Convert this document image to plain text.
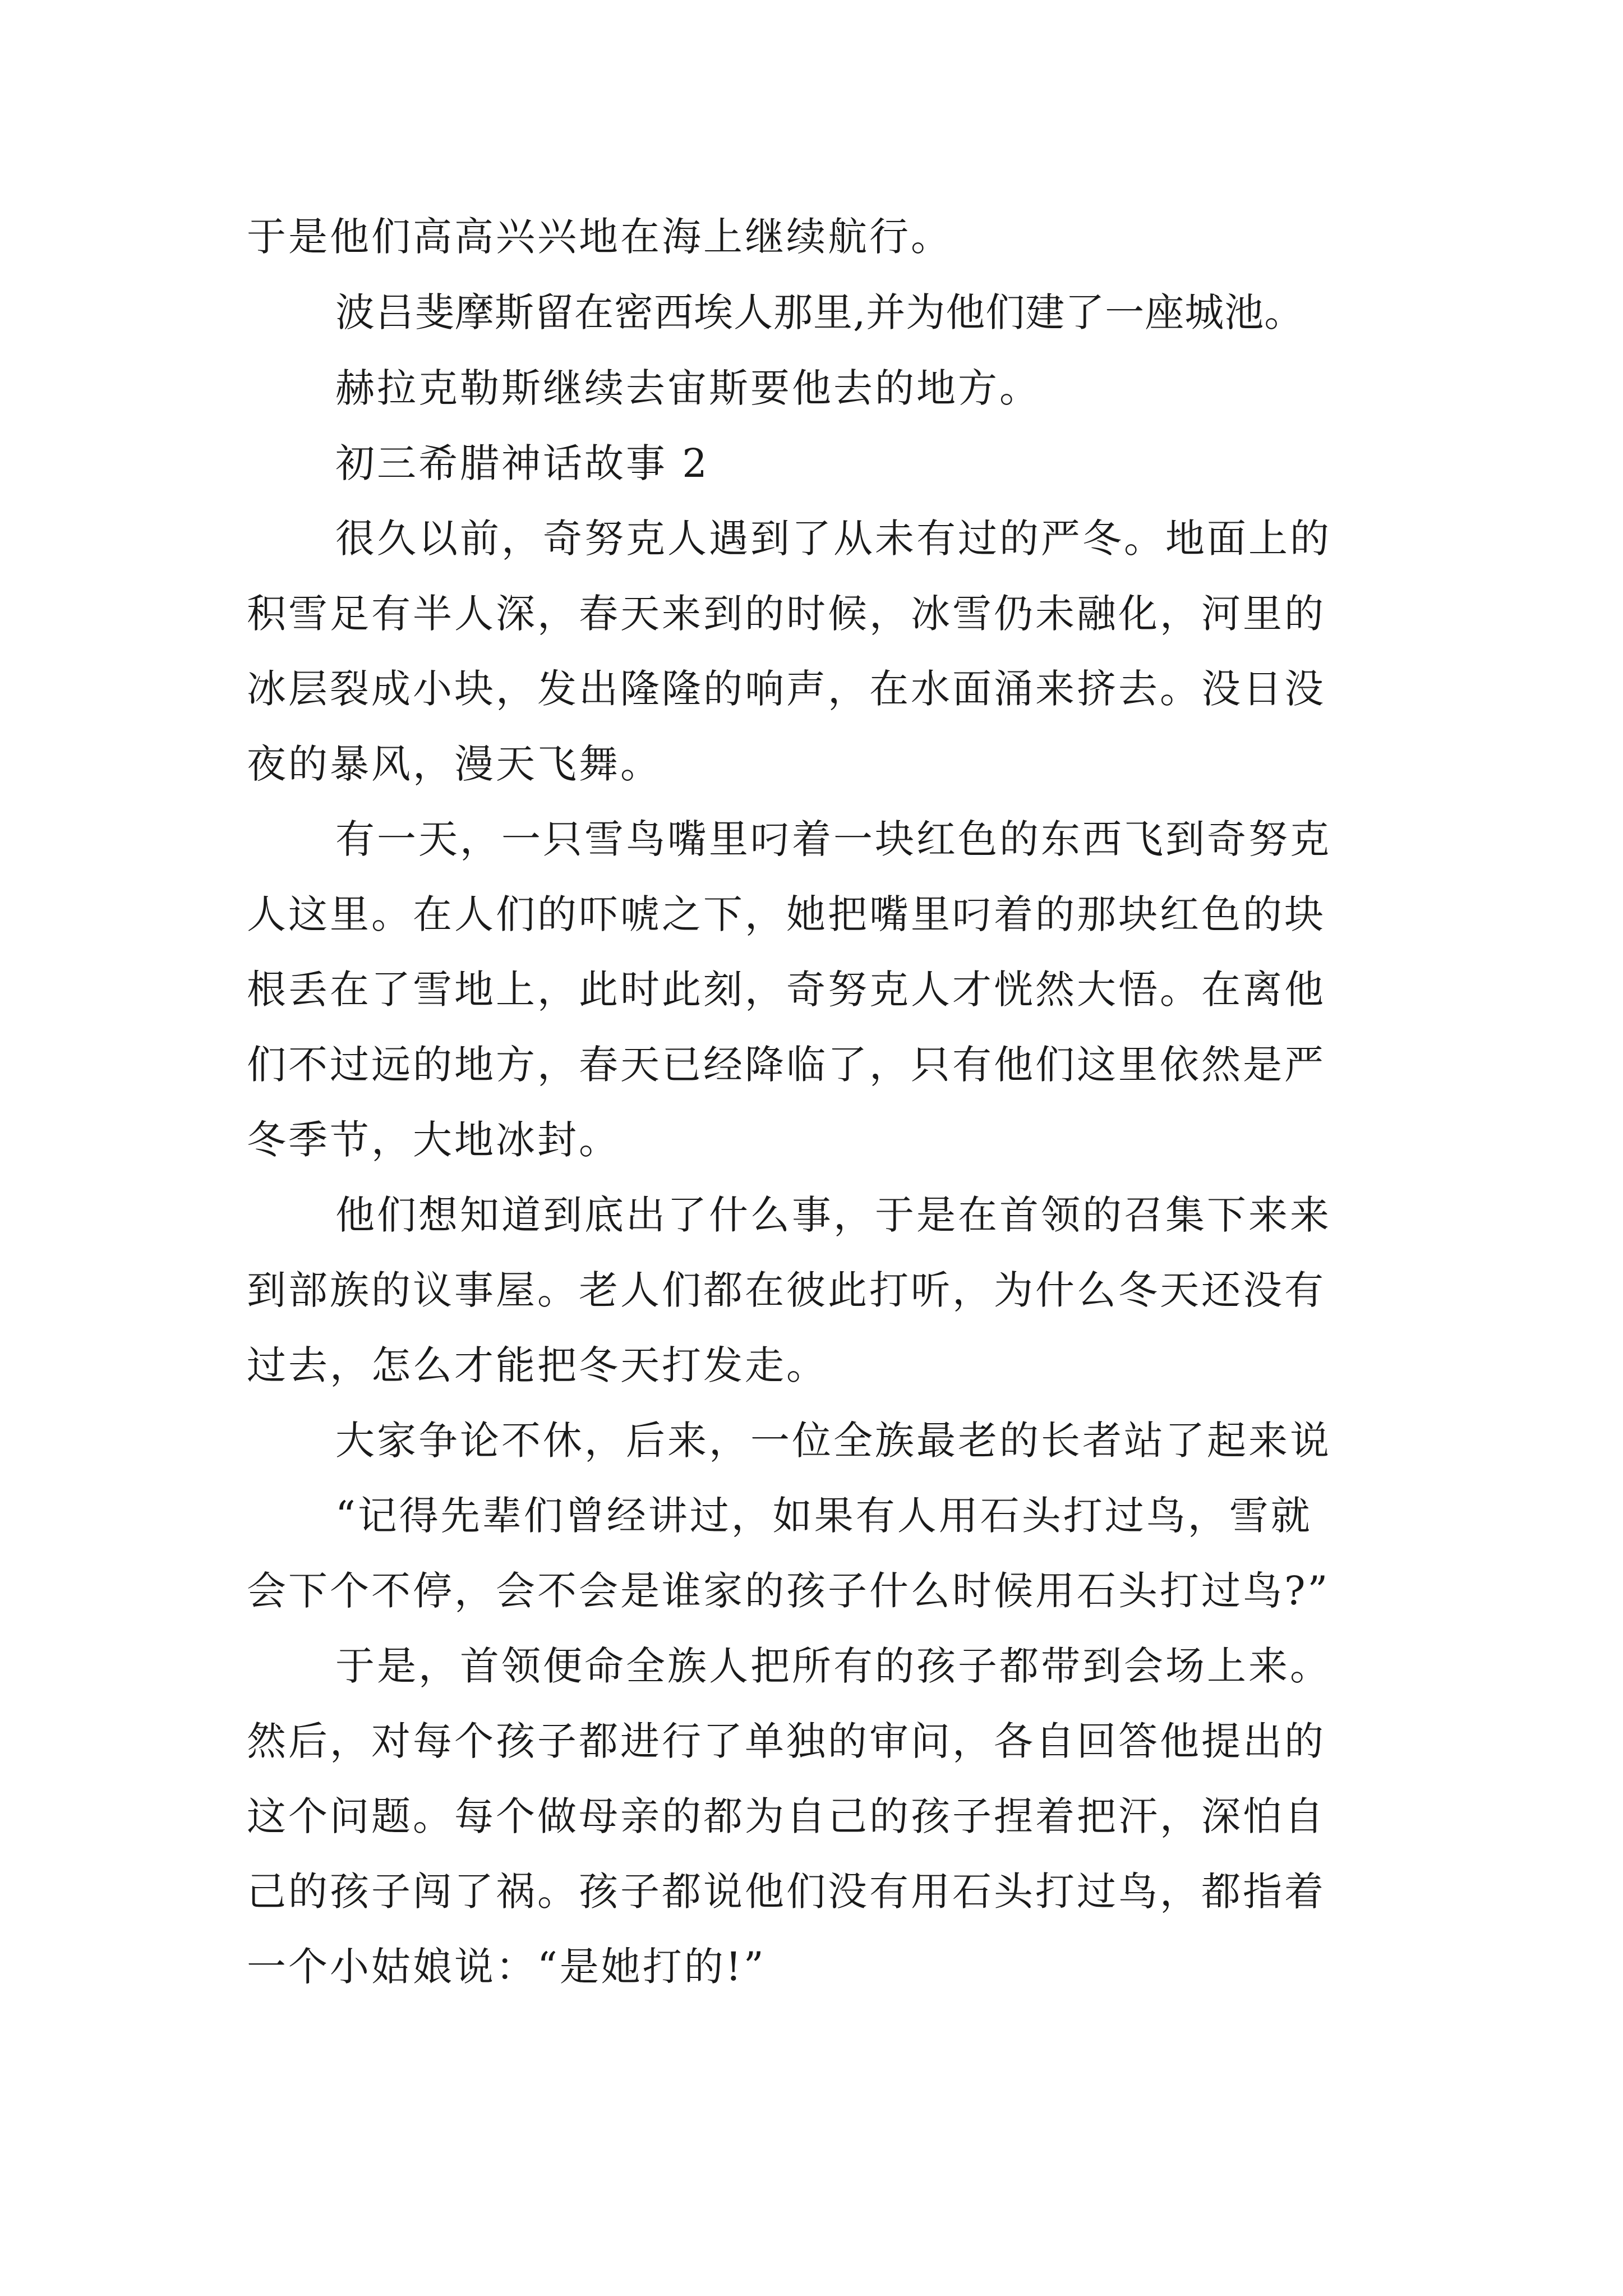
于是他们高高兴兴地在海上继续航行。
波吕斐摩斯留在密西埃人那里,并为他们建了一座城池。
赫拉克勒斯继续去宙斯要他去的地方。
初三希腊神话故事 2
很久以前，奇努克人遇到了从未有过的严冬。地面上的
积雪足有半人深，春天来到的时候，冰雪仍未融化，河里的
冰层裂成小块，发出隆隆的响声，在水面涌来挤去。没日没
夜的暴风，漫天飞舞。
有一天，一只雪鸟嘴里叼着一块红色的东西飞到奇努克
人这里。在人们的吓唬之下，她把嘴里叼着的那块红色的块
根丢在了雪地上，此时此刻，奇努克人才恍然大悟。在离他
们不过远的地方，春天已经降临了，只有他们这里依然是严
冬季节，大地冰封。
他们想知道到底出了什么事，于是在首领的召集下来来
到部族的议事屋。老人们都在彼此打听，为什么冬天还没有
过去，怎么才能把冬天打发走。
大家争论不休，后来，一位全族最老的长者站了起来说
“记得先辈们曾经讲过，如果有人用石头打过鸟，雪就
会下个不停，会不会是谁家的孩子什么时候用石头打过鸟?”
于是，首领便命全族人把所有的孩子都带到会场上来。
然后，对每个孩子都进行了单独的审问，各自回答他提出的
这个问题。每个做母亲的都为自己的孩子捏着把汗，深怕自
己的孩子闯了祸。孩子都说他们没有用石头打过鸟，都指着
一个小姑娘说：“是她打的!”
